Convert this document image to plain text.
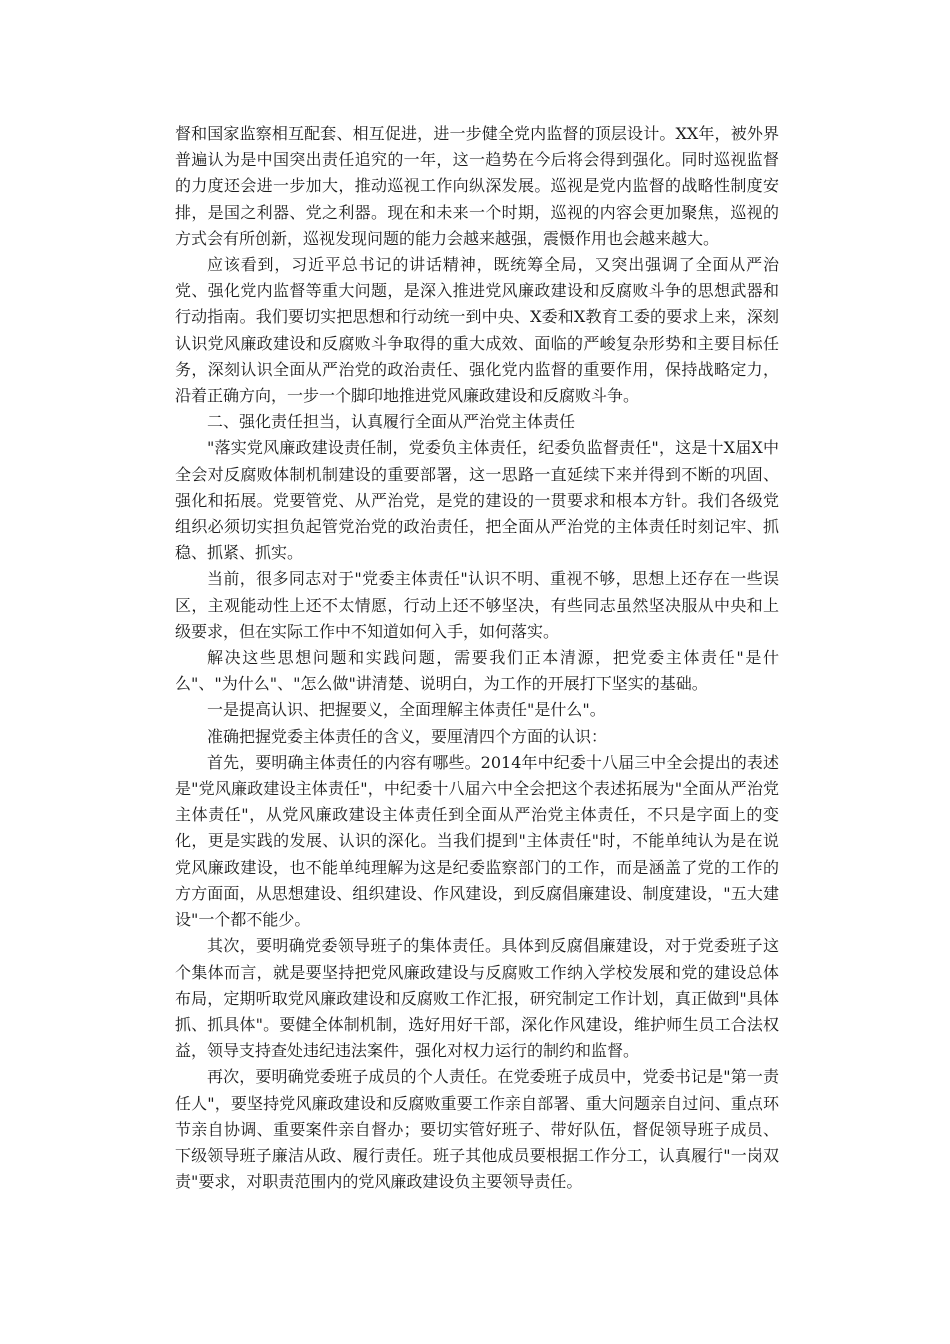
督和国家监察相互配套、相互促进，进一步健全党内监督的顶层设计。XX年，被外界普遍认为是中国突出责任追究的一年，这一趋势在今后将会得到强化。同时巡视监督的力度还会进一步加大，推动巡视工作向纵深发展。巡视是党内监督的战略性制度安排，是国之利器、党之利器。现在和未来一个时期，巡视的内容会更加聚焦，巡视的方式会有所创新，巡视发现问题的能力会越来越强，震慑作用也会越来越大。

应该看到，习近平总书记的讲话精神，既统筹全局，又突出强调了全面从严治党、强化党内监督等重大问题，是深入推进党风廉政建设和反腐败斗争的思想武器和行动指南。我们要切实把思想和行动统一到中央、X委和X教育工委的要求上来，深刻认识党风廉政建设和反腐败斗争取得的重大成效、面临的严峻复杂形势和主要目标任务，深刻认识全面从严治党的政治责任、强化党内监督的重要作用，保持战略定力，沿着正确方向，一步一个脚印地推进党风廉政建设和反腐败斗争。

二、强化责任担当，认真履行全面从严治党主体责任

"落实党风廉政建设责任制，党委负主体责任，纪委负监督责任"，这是十X届X中全会对反腐败体制机制建设的重要部署，这一思路一直延续下来并得到不断的巩固、强化和拓展。党要管党、从严治党，是党的建设的一贯要求和根本方针。我们各级党组织必须切实担负起管党治党的政治责任，把全面从严治党的主体责任时刻记牢、抓稳、抓紧、抓实。

当前，很多同志对于"党委主体责任"认识不明、重视不够，思想上还存在一些误区，主观能动性上还不太情愿，行动上还不够坚决，有些同志虽然坚决服从中央和上级要求，但在实际工作中不知道如何入手，如何落实。

解决这些思想问题和实践问题，需要我们正本清源，把党委主体责任"是什么"、"为什么"、"怎么做"讲清楚、说明白，为工作的开展打下坚实的基础。

一是提高认识、把握要义，全面理解主体责任"是什么"。

准确把握党委主体责任的含义，要厘清四个方面的认识：

首先，要明确主体责任的内容有哪些。2014年中纪委十八届三中全会提出的表述是"党风廉政建设主体责任"，中纪委十八届六中全会把这个表述拓展为"全面从严治党主体责任"，从党风廉政建设主体责任到全面从严治党主体责任，不只是字面上的变化，更是实践的发展、认识的深化。当我们提到"主体责任"时，不能单纯认为是在说党风廉政建设，也不能单纯理解为这是纪委监察部门的工作，而是涵盖了党的工作的方方面面，从思想建设、组织建设、作风建设，到反腐倡廉建设、制度建设，"五大建设"一个都不能少。

其次，要明确党委领导班子的集体责任。具体到反腐倡廉建设，对于党委班子这个集体而言，就是要坚持把党风廉政建设与反腐败工作纳入学校发展和党的建设总体布局，定期听取党风廉政建设和反腐败工作汇报，研究制定工作计划，真正做到"具体抓、抓具体"。要健全体制机制，选好用好干部，深化作风建设，维护师生员工合法权益，领导支持查处违纪违法案件，强化对权力运行的制约和监督。

再次，要明确党委班子成员的个人责任。在党委班子成员中，党委书记是"第一责任人"，要坚持党风廉政建设和反腐败重要工作亲自部署、重大问题亲自过问、重点环节亲自协调、重要案件亲自督办；要切实管好班子、带好队伍，督促领导班子成员、下级领导班子廉洁从政、履行责任。班子其他成员要根据工作分工，认真履行"一岗双责"要求，对职责范围内的党风廉政建设负主要领导责任。
